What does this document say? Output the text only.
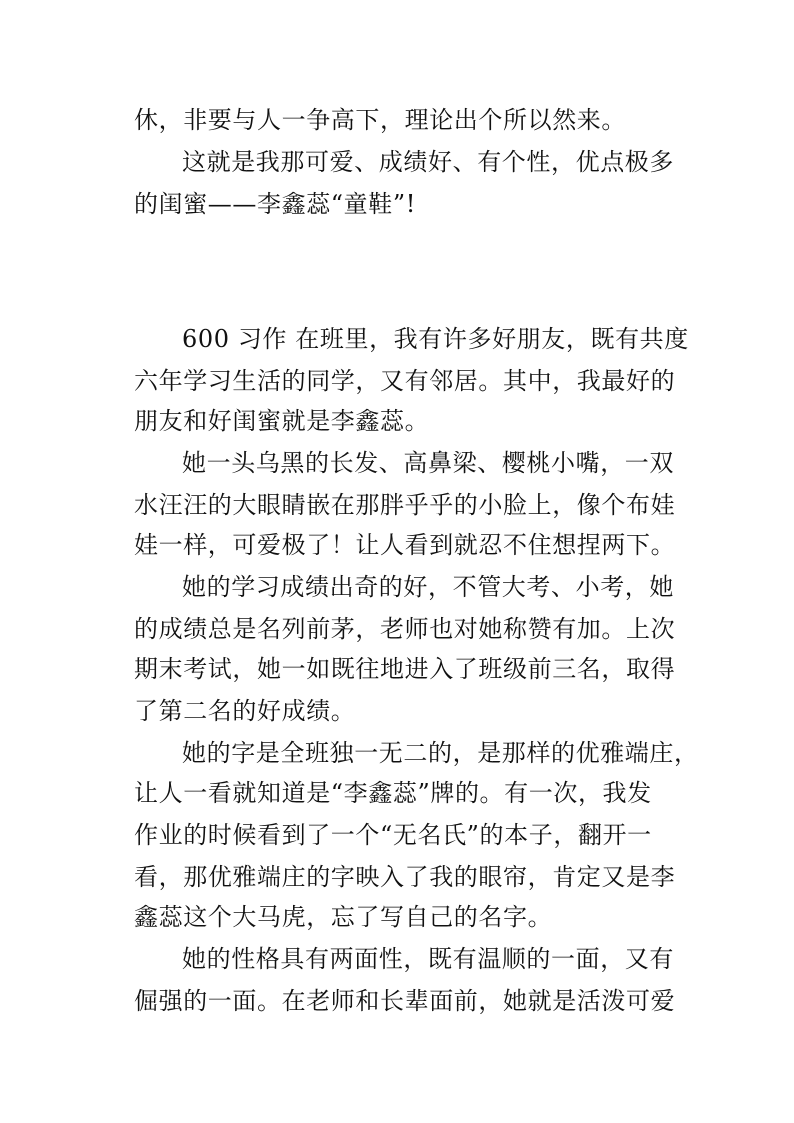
休，非要与人一争高下，理论出个所以然来。
这就是我那可爱、成绩好、有个性，优点极多
的闺蜜——李鑫蕊“童鞋”!
600 习作 在班里，我有许多好朋友，既有共度
六年学习生活的同学，又有邻居。其中，我最好的
朋友和好闺蜜就是李鑫蕊。
她一头乌黑的长发、高鼻梁、樱桃小嘴，一双
水汪汪的大眼睛嵌在那胖乎乎的小脸上，像个布娃
娃一样，可爱极了！让人看到就忍不住想捏两下。
她的学习成绩出奇的好，不管大考、小考，她
的成绩总是名列前茅，老师也对她称赞有加。上次
期末考试，她一如既往地进入了班级前三名，取得
了第二名的好成绩。
她的字是全班独一无二的，是那样的优雅端庄，
让人一看就知道是“李鑫蕊”牌的。有一次，我发
作业的时候看到了一个“无名氏”的本子，翻开一
看，那优雅端庄的字映入了我的眼帘，肯定又是李
鑫蕊这个大马虎，忘了写自己的名字。
她的性格具有两面性，既有温顺的一面，又有
倔强的一面。在老师和长辈面前，她就是活泼可爱
